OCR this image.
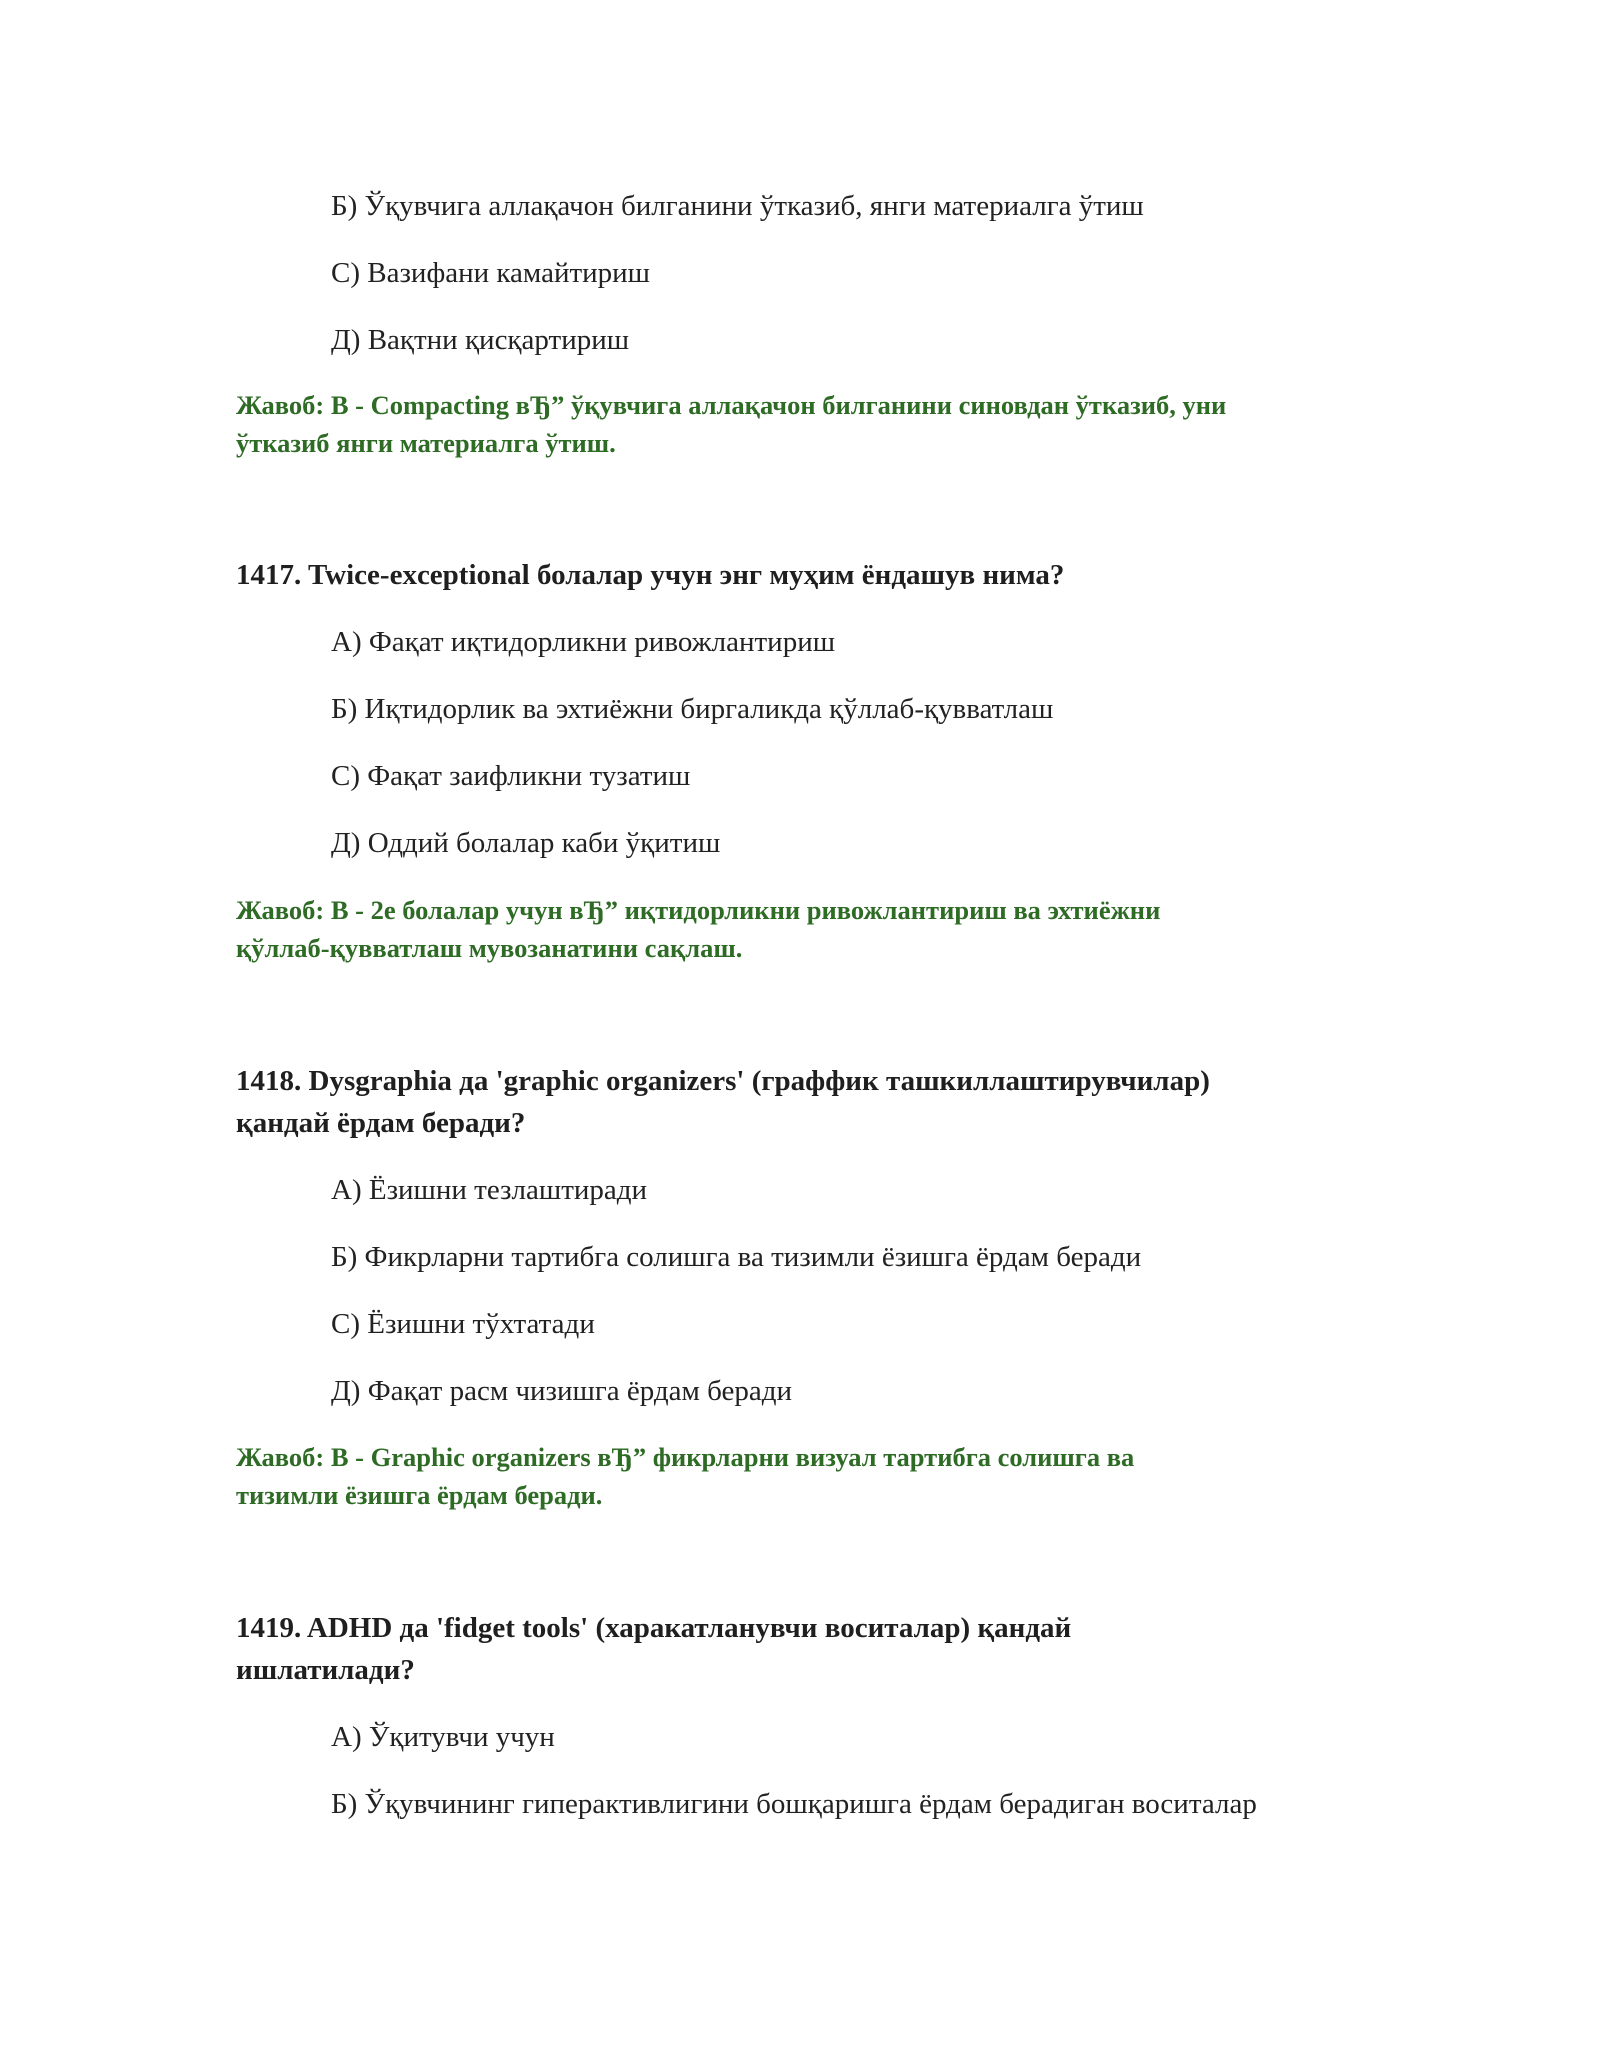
Б) Ўқувчига аллақачон билганини ўтказиб, янги материалга ўтиш
С) Вазифани камайтириш
Д) Вақтни қисқартириш
Жавоб: B - Compacting вЂ” ўқувчига аллақачон билганини синовдан ўтказиб, уни
ўтказиб янги материалга ўтиш.
1417. Twice-exceptional болалар учун энг муҳим ёндашув нима?
А) Фақат иқтидорликни ривожлантириш
Б) Иқтидорлик ва эхтиёжни биргаликда қўллаб-қувватлаш
С) Фақат заифликни тузатиш
Д) Оддий болалар каби ўқитиш
Жавоб: B - 2e болалар учун вЂ” иқтидорликни ривожлантириш ва эхтиёжни
қўллаб-қувватлаш мувозанатини сақлаш.
1418. Dysgraphia да 'graphic organizers' (граффик ташкиллаштирувчилар)
қандай ёрдам беради?
А) Ёзишни тезлаштиради
Б) Фикрларни тартибга солишга ва тизимли ёзишга ёрдам беради
С) Ёзишни тўхтатади
Д) Фақат расм чизишга ёрдам беради
Жавоб: B - Graphic organizers вЂ” фикрларни визуал тартибга солишга ва
тизимли ёзишга ёрдам беради.
1419. ADHD да 'fidget tools' (харакатланувчи воситалар) қандай
ишлатилади?
А) Ўқитувчи учун
Б) Ўқувчининг гиперактивлигини бошқаришга ёрдам берадиган воситалар
